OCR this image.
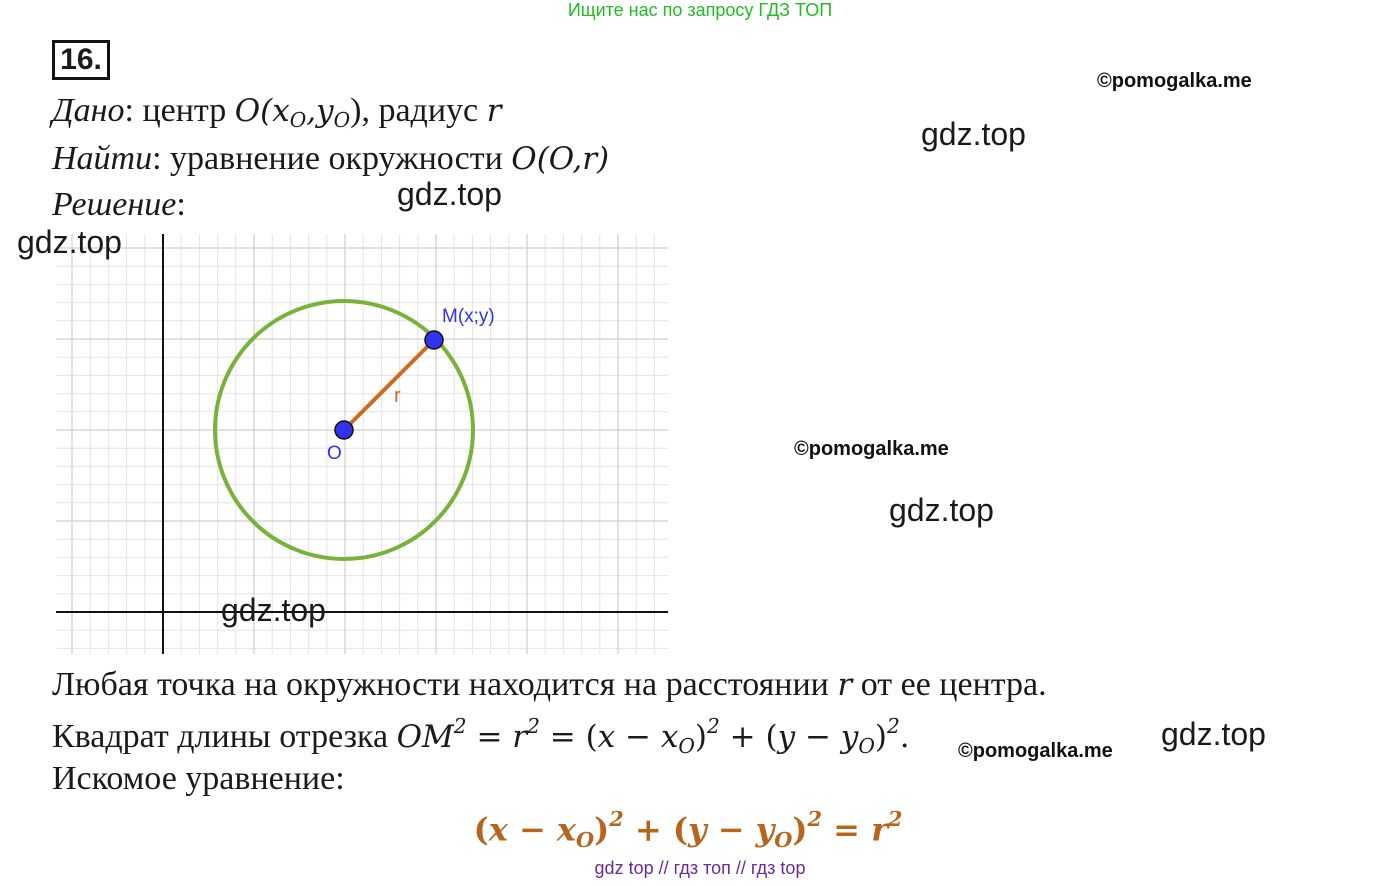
Ищите нас по запросу ГДЗ ТОП
16.
Дано: центр $O(x_O,y_O)$, радиус r
Найти: уравнение окружности O(O,r)
Решение:
M(x;y)
O
r
Любая точка на окружности находится на расстоянии r от ее центра.
Квадрат длины отрезка $OM^2 = r^2 = (x - x_O)^2 + (y - y_O)^2$.
Искомое уравнение:
$(x - x_O)^2 + (y - y_O)^2 = r^2$
©pomogalka.me
gdz.top
gdz.top
gdz.top
©pomogalka.me
gdz.top
gdz.top
©pomogalka.me gdz.top
gdz top // гдз топ // гдз top
